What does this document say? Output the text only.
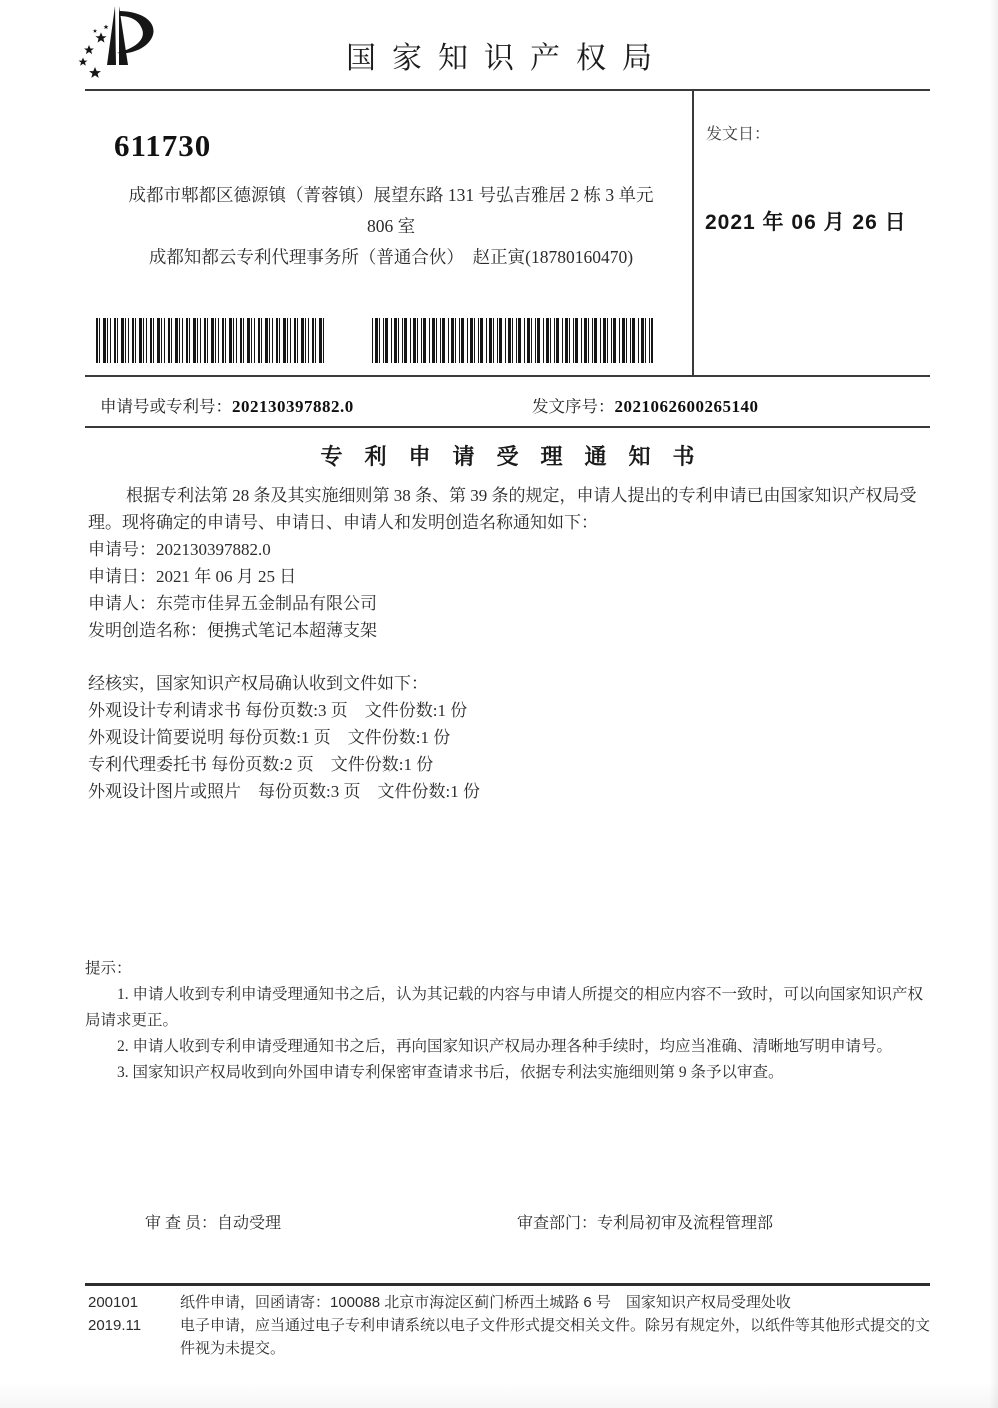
国家知识产权局
611730
成都市郫都区德源镇（菁蓉镇）展望东路 131 号弘吉雅居 2 栋 3 单元
806 室
成都知都云专利代理事务所（普通合伙）　赵正寅(18780160470)
发文日：
2021 年 06 月 26 日
申请号或专利号：202130397882.0	发文序号：2021062600265140
专利申请受理通知书

根据专利法第 28 条及其实施细则第 38 条、第 39 条的规定，申请人提出的专利申请已由国家知识产权局受理。现将确定的申请号、申请日、申请人和发明创造名称通知如下：

申请号：202130397882.0

申请日：2021 年 06 月 25 日

申请人：东莞市佳昇五金制品有限公司

发明创造名称：便携式笔记本超薄支架

经核实，国家知识产权局确认收到文件如下：

外观设计专利请求书 每份页数:3 页　文件份数:1 份

外观设计简要说明 每份页数:1 页　文件份数:1 份

专利代理委托书 每份页数:2 页　文件份数:1 份

外观设计图片或照片　每份页数:3 页　文件份数:1 份

提示：

1. 申请人收到专利申请受理通知书之后，认为其记载的内容与申请人所提交的相应内容不一致时，可以向国家知识产权局请求更正。

2. 申请人收到专利申请受理通知书之后，再向国家知识产权局办理各种手续时，均应当准确、清晰地写明申请号。

3. 国家知识产权局收到向外国申请专利保密审查请求书后，依据专利法实施细则第 9 条予以审查。

审 查 员：自动受理	审查部门：专利局初审及流程管理部
200101
2019.11

纸件申请，回函请寄：100088 北京市海淀区蓟门桥西土城路 6 号　国家知识产权局受理处收

电子申请，应当通过电子专利申请系统以电子文件形式提交相关文件。除另有规定外，以纸件等其他形式提交的文件视为未提交。
